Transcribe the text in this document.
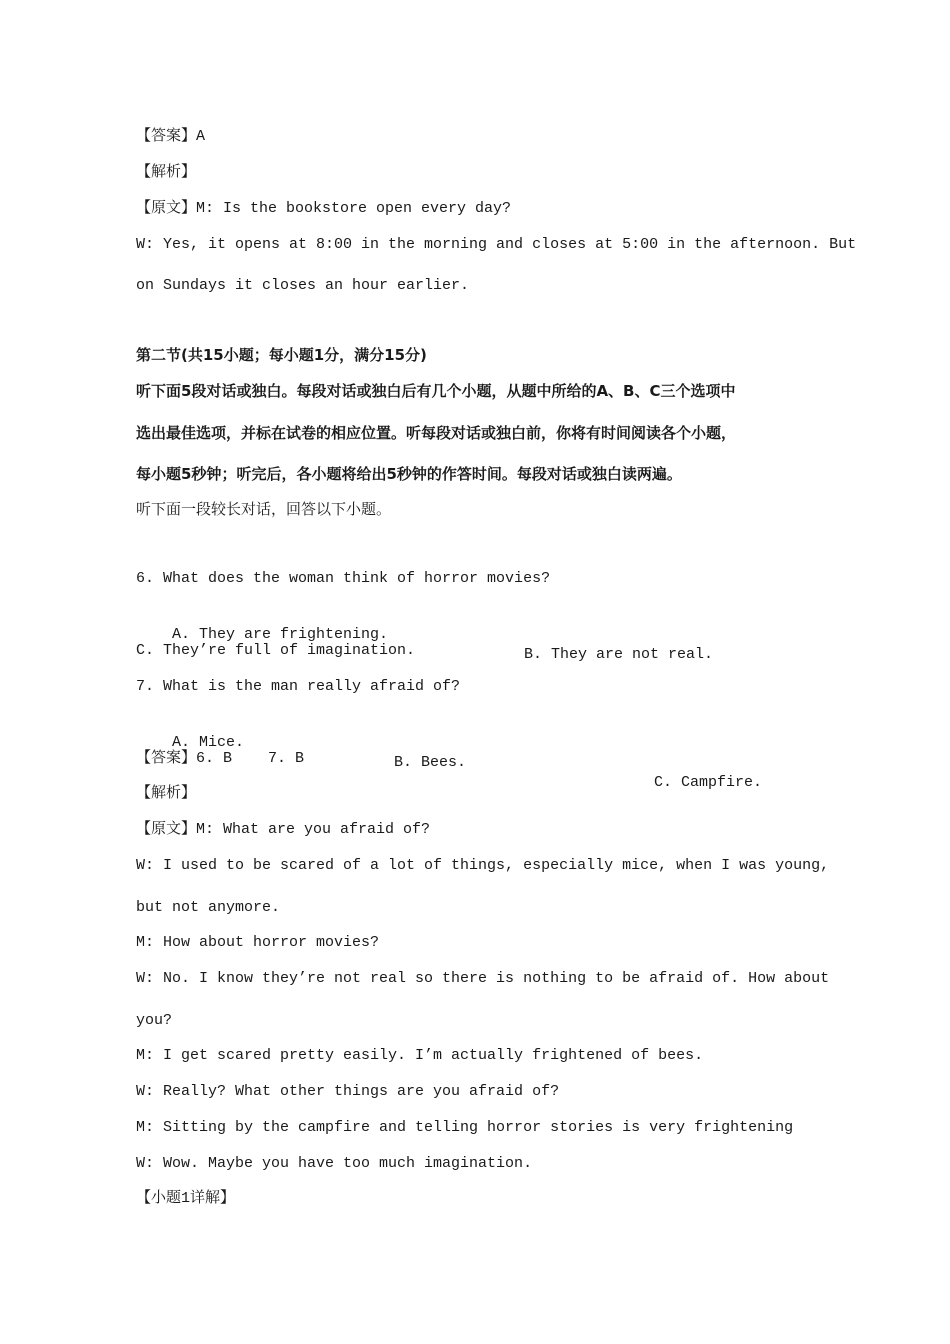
【答案】A
【解析】
【原文】M: Is the bookstore open every day?
W: Yes, it opens at 8:00 in the morning and closes at 5:00 in the afternoon. But
on Sundays it closes an hour earlier.
第二节(共15小题；每小题1分，满分15分)
听下面5段对话或独白。每段对话或独白后有几个小题，从题中所给的A、B、C三个选项中
选出最佳选项，并标在试卷的相应位置。听每段对话或独白前，你将有时间阅读各个小题，
每小题5秒钟；听完后，各小题将给出5秒钟的作答时间。每段对话或独白读两遍。
听下面一段较长对话，回答以下小题。
6. What does the woman think of horror movies?

A. They are frightening.

B. They are not real.

C. They’re full of imagination.
7. What is the man really afraid of?

A. Mice.

B. Bees.

C. Campfire.

【答案】6. B    7. B
【解析】
【原文】M: What are you afraid of?
W: I used to be scared of a lot of things, especially mice, when I was young,
but not anymore.
M: How about horror movies?
W: No. I know they’re not real so there is nothing to be afraid of. How about
you?
M: I get scared pretty easily. I’m actually frightened of bees.
W: Really? What other things are you afraid of?
M: Sitting by the campfire and telling horror stories is very frightening
W: Wow. Maybe you have too much imagination.
【小题1详解】
